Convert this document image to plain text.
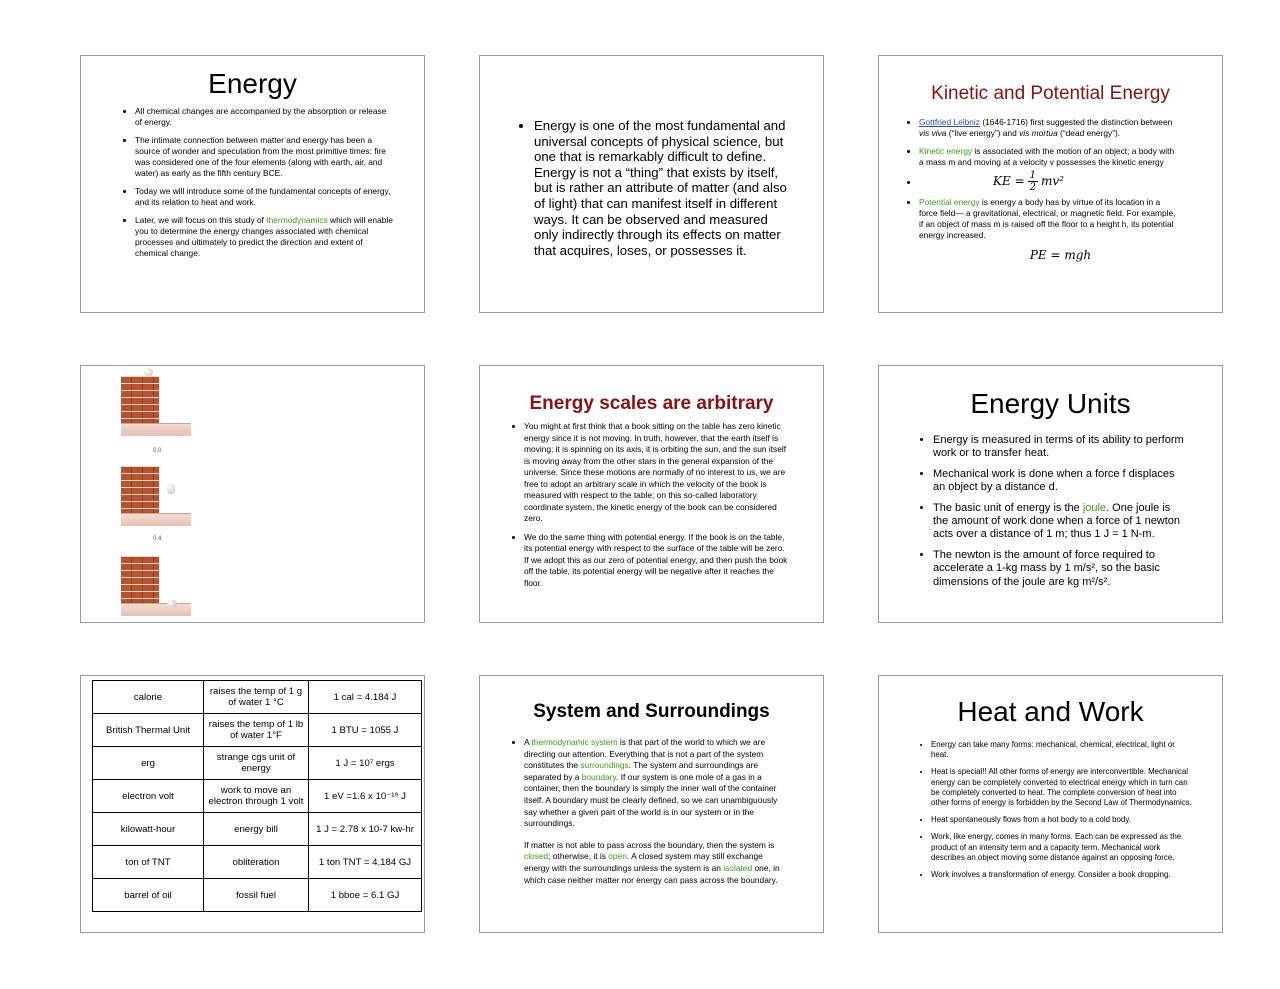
Energy
• All chemical changes are accompanied by the absorption or release of energy.
• The intimate connection between matter and energy has been a source of wonder and speculation from the most primitive times: fire was considered one of the four elements (along with earth, air, and water) as early as the fifth century BCE.
• Today we will introduce some of the fundamental concepts of energy, and its relation to heat and work.
• Later, we will focus on this study of thermodynamics which will enable you to determine the energy changes associated with chemical processes and ultimately to predict the direction and extent of chemical change.
• Energy is one of the most fundamental and universal concepts of physical science, but one that is remarkably difficult to define. Energy is not a “thing” that exists by itself, but is rather an attribute of matter (and also of light) that can manifest itself in different ways. It can be observed and measured only indirectly through its effects on matter that acquires, loses, or possesses it.
Kinetic and Potential Energy
• Gottfried Leibniz (1646-1716) first suggested the distinction between vis viva (“live energy”) and vis mortua (“dead energy”).
• Kinetic energy is associated with the motion of an object; a body with a mass m and moving at a velocity v possesses the kinetic energy
• KE = $\frac{1}{2} mv^2$
• Potential energy is energy a body has by virtue of its location in a force field— a gravitational, electrical, or magnetic field. For example, if an object of mass m is raised off the floor to a height h, its potential energy increased.
PE = mgh
0.0
0.4
Energy scales are arbitrary
• You might at first think that a book sitting on the table has zero kinetic energy since it is not moving. In truth, however, that the earth itself is moving; it is spinning on its axis, it is orbiting the sun, and the sun itself is moving away from the other stars in the general expansion of the universe. Since these motions are normally of no interest to us, we are free to adopt an arbitrary scale in which the velocity of the book is measured with respect to the table; on this so-called laboratory coordinate system, the kinetic energy of the book can be considered zero.
• We do the same thing with potential energy. If the book is on the table, its potential energy with respect to the surface of the table will be zero. If we adopt this as our zero of potential energy, and then push the book off the table, its potential energy will be negative after it reaches the floor.
Energy Units
• Energy is measured in terms of its ability to perform work or to transfer heat.
• Mechanical work is done when a force f displaces an object by a distance d.
• The basic unit of energy is the joule. One joule is the amount of work done when a force of 1 newton acts over a distance of 1 m; thus 1 J = 1 N-m.
• The newton is the amount of force required to accelerate a 1-kg mass by 1 m/s², so the basic dimensions of the joule are kg m²/s².
calorie	raises the temp of 1 g of water 1 °C	1 cal = 4.184 J
British Thermal Unit	raises the temp of 1 lb of water 1°F	1 BTU = 1055 J
erg	strange cgs unit of energy	1 J = 10⁷ ergs
electron volt	work to move an electron through 1 volt	1 eV =1.6 x 10⁻¹⁹ J
kilowatt-hour	energy bill	1 J = 2.78 x 10-7 kw-hr
ton of TNT	obliteration	1 ton TNT = 4.184 GJ
barrel of oil	fossil fuel	1 bboe = 6.1 GJ
System and Surroundings
• A thermodynamic system is that part of the world to which we are directing our attention. Everything that is not a part of the system constitutes the surroundings. The system and surroundings are separated by a boundary. If our system is one mole of a gas in a container, then the boundary is simply the inner wall of the container itself. A boundary must be clearly defined, so we can unambiguously say whether a given part of the world is in our system or in the surroundings.
If matter is not able to pass across the boundary, then the system is closed; otherwise, it is open. A closed system may still exchange energy with the surroundings unless the system is an isolated one, in which case neither matter nor energy can pass across the boundary.
Heat and Work
• Energy can take many forms: mechanical, chemical, electrical, light or heat.
• Heat is special!! All other forms of energy are interconvertible. Mechanical energy can be completely converted to electrical energy which in turn can be completely converted to heat. The complete conversion of heat into other forms of energy is forbidden by the Second Law of Thermodynamics.
• Heat spontaneously flows from a hot body to a cold body.
• Work, like energy, comes in many forms. Each can be expressed as the product of an intensity term and a capacity term. Mechanical work describes an object moving some distance against an opposing force.
• Work involves a transformation of energy. Consider a book dropping.
